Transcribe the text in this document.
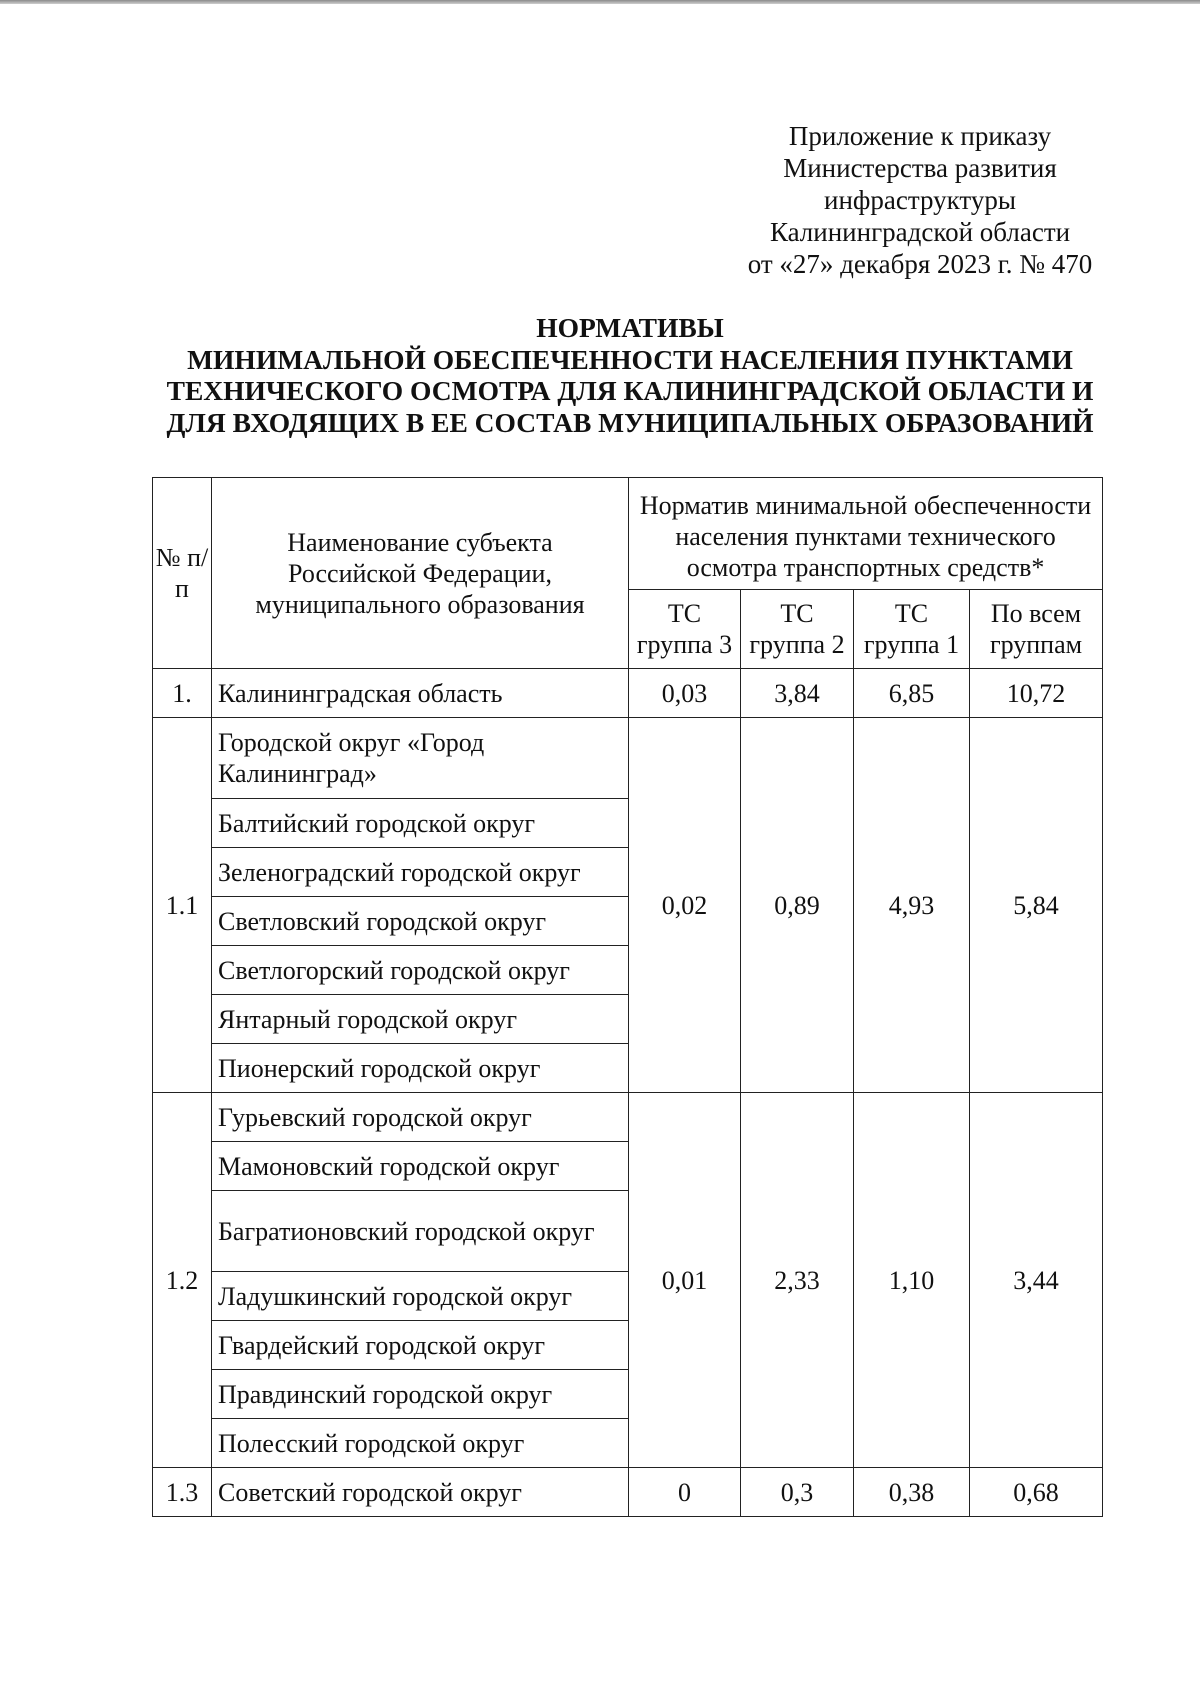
Приложение к приказу
Министерства развития
инфраструктуры
Калининградской области
от «27» декабря 2023 г. № 470
НОРМАТИВЫ
МИНИМАЛЬНОЙ ОБЕСПЕЧЕННОСТИ НАСЕЛЕНИЯ ПУНКТАМИ
ТЕХНИЧЕСКОГО ОСМОТРА ДЛЯ КАЛИНИНГРАДСКОЙ ОБЛАСТИ И
ДЛЯ ВХОДЯЩИХ В ЕЕ СОСТАВ МУНИЦИПАЛЬНЫХ ОБРАЗОВАНИЙ
№ п/п	Наименование субъекта Российской Федерации, муниципального образования	Норматив минимальной обеспеченности населения пунктами технического осмотра транспортных средств*			
		ТС группа 3	ТС группа 2	ТС группа 1	По всем группам
1.	Калининградская область	0,03	3,84	6,85	10,72
1.1	Городской округ «Город Калининград»	0,02	0,89	4,93	5,84
	Балтийский городской округ				
	Зеленоградский городской округ				
	Светловский городской округ				
	Светлогорский городской округ				
	Янтарный городской округ				
	Пионерский городской округ				
1.2	Гурьевский городской округ	0,01	2,33	1,10	3,44
	Мамоновский городской округ				
	Багратионовский городской округ				
	Ладушкинский городской округ				
	Гвардейский городской округ				
	Правдинский городской округ				
	Полесский городской округ				
1.3	Советский городской округ	0	0,3	0,38	0,68
